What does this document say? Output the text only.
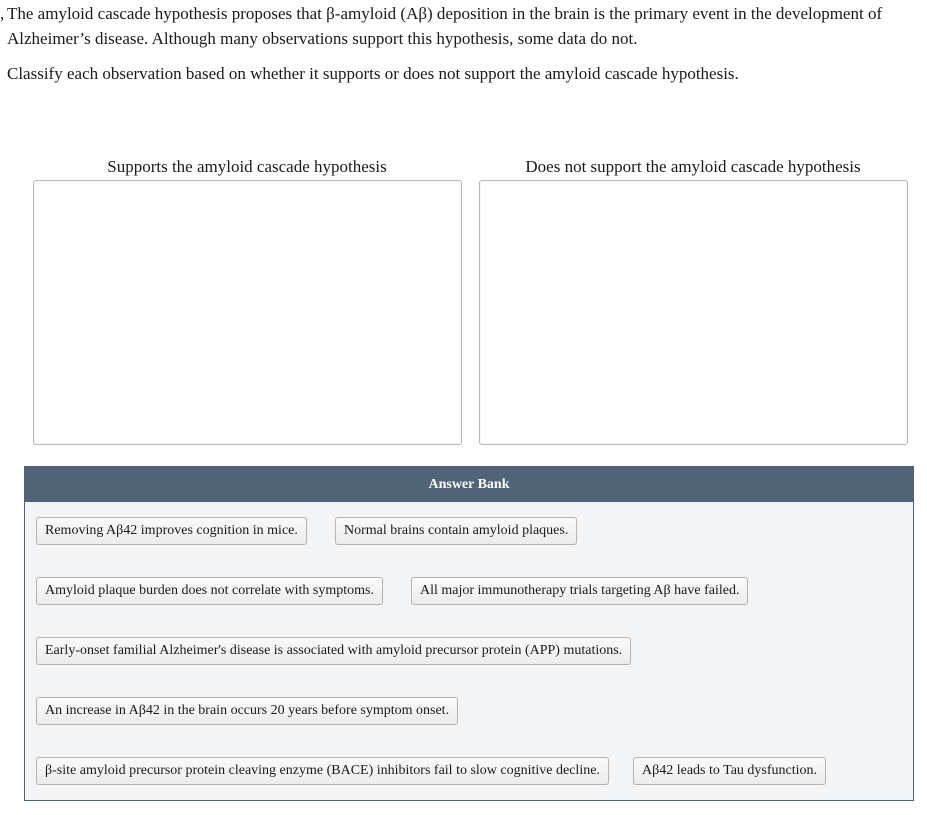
, The amyloid cascade hypothesis proposes that β-amyloid (Aβ) deposition in the brain is the primary event in the development of
Alzheimer’s disease. Although many observations support this hypothesis, some data do not.

Classify each observation based on whether it supports or does not support the amyloid cascade hypothesis.

Supports the amyloid cascade hypothesis	Does not support the amyloid cascade hypothesis
Answer Bank
Removing Aβ42 improves cognition in mice.	Normal brains contain amyloid plaques.
Amyloid plaque burden does not correlate with symptoms.	All major immunotherapy trials targeting Aβ have failed.
Early-onset familial Alzheimer's disease is associated with amyloid precursor protein (APP) mutations.
An increase in Aβ42 in the brain occurs 20 years before symptom onset.
β-site amyloid precursor protein cleaving enzyme (BACE) inhibitors fail to slow cognitive decline.	Aβ42 leads to Tau dysfunction.
